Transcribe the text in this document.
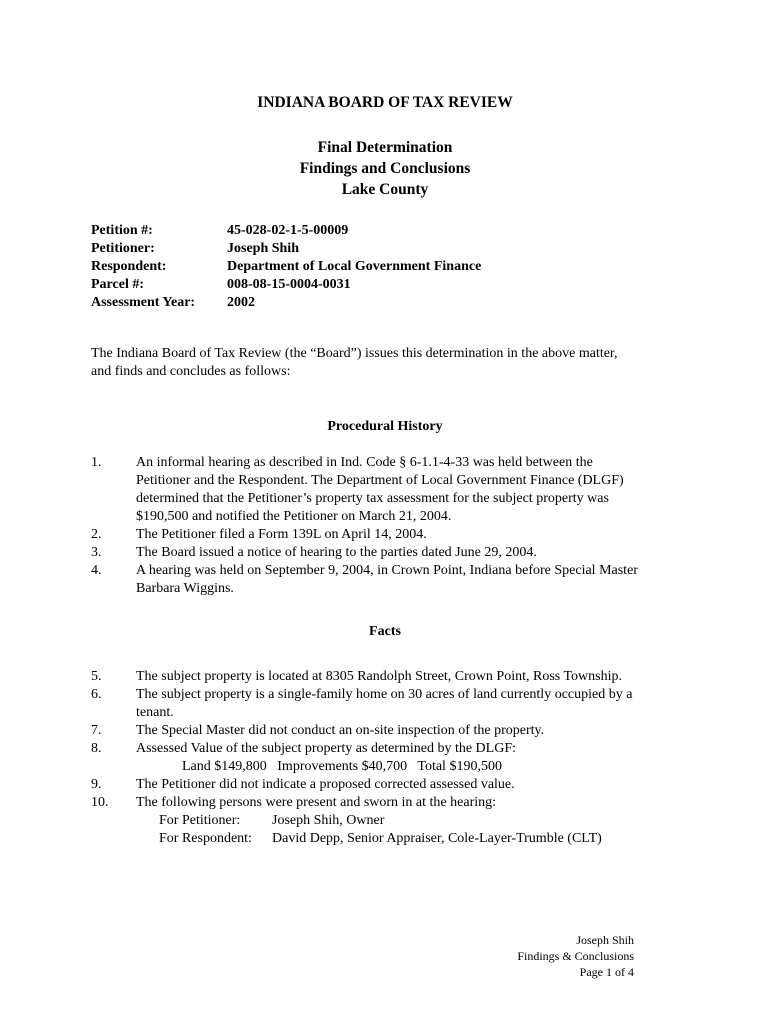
INDIANA BOARD OF TAX REVIEW
Final Determination
Findings and Conclusions
Lake County
Petition #:	45-028-02-1-5-00009
Petitioner:	Joseph Shih
Respondent:	Department of Local Government Finance
Parcel #:	008-08-15-0004-0031
Assessment Year:	2002
The Indiana Board of Tax Review (the “Board”) issues this determination in the above matter,
and finds and concludes as follows:
Procedural History
1.	An informal hearing as described in Ind. Code § 6-1.1-4-33 was held between the
Petitioner and the Respondent. The Department of Local Government Finance (DLGF)
determined that the Petitioner’s property tax assessment for the subject property was
$190,500 and notified the Petitioner on March 21, 2004.
2.	The Petitioner filed a Form 139L on April 14, 2004.
3.	The Board issued a notice of hearing to the parties dated June 29, 2004.
4.	A hearing was held on September 9, 2004, in Crown Point, Indiana before Special Master
Barbara Wiggins.
Facts
5.	The subject property is located at 8305 Randolph Street, Crown Point, Ross Township.
6.	The subject property is a single-family home on 30 acres of land currently occupied by a
tenant.
7.	The Special Master did not conduct an on-site inspection of the property.
8.	Assessed Value of the subject property as determined by the DLGF:
Land $149,800   Improvements $40,700   Total $190,500
9.	The Petitioner did not indicate a proposed corrected assessed value.
10.	The following persons were present and sworn in at the hearing:
For Petitioner:	Joseph Shih, Owner
For Respondent:	David Depp, Senior Appraiser, Cole-Layer-Trumble (CLT)
Joseph Shih
Findings & Conclusions
Page 1 of 4
